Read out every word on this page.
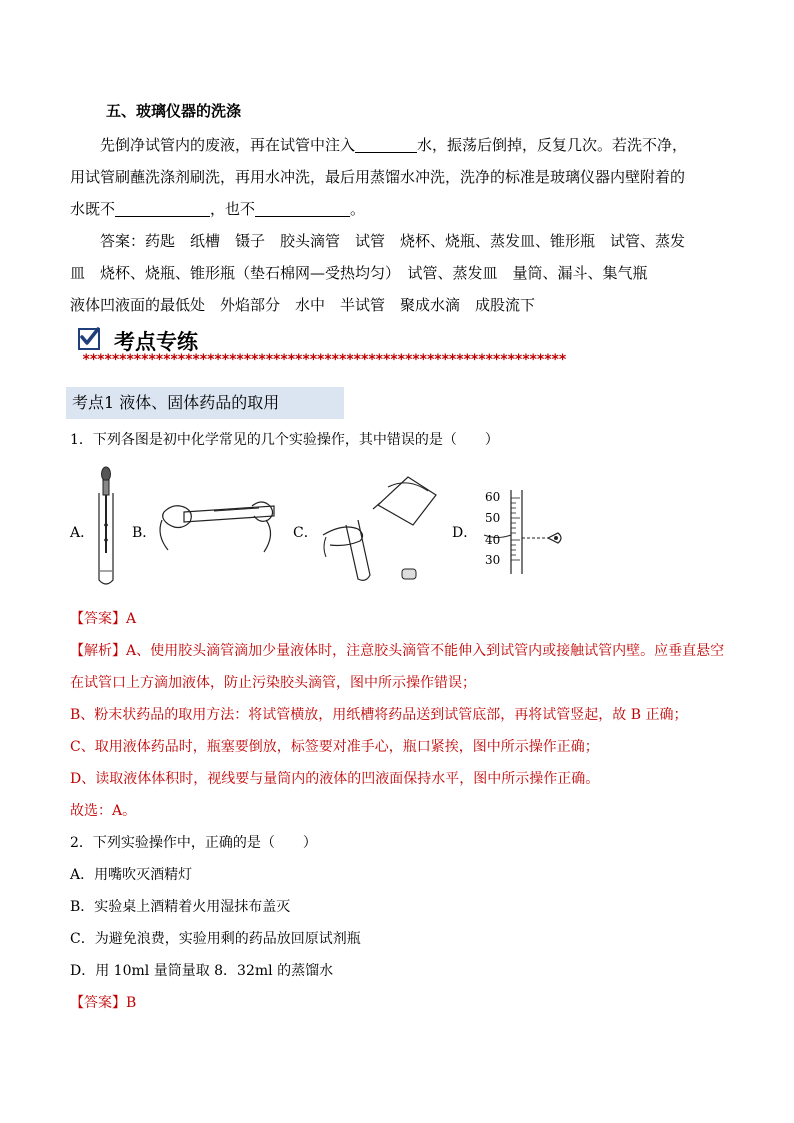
五、玻璃仪器的洗涤
先倒净试管内的废液，再在试管中注入	水，振荡后倒掉，反复几次。若洗不净，
用试管刷蘸洗涤剂刷洗，再用水冲洗，最后用蒸馏水冲洗，洗净的标准是玻璃仪器内壁附着的
水既不	，也不	。
答案：药匙　纸槽　镊子　胶头滴管　试管　烧杯、烧瓶、蒸发皿、锥形瓶　试管、蒸发
皿　烧杯、烧瓶、锥形瓶（垫石棉网—受热均匀）　试管、蒸发皿　量筒、漏斗、集气瓶
液体凹液面的最低处　外焰部分　水中　半试管　聚成水滴　成股流下
考点专练
******************************************************************
考点1 液体、固体药品的取用
1．下列各图是初中化学常见的几个实验操作，其中错误的是（　　）
A．	B．	C．	D．
60
50
40
30
【答案】A
【解析】A、使用胶头滴管滴加少量液体时，注意胶头滴管不能伸入到试管内或接触试管内壁。应垂直悬空
在试管口上方滴加液体，防止污染胶头滴管，图中所示操作错误；
B、粉末状药品的取用方法：将试管横放，用纸槽将药品送到试管底部，再将试管竖起，故 B 正确；
C、取用液体药品时，瓶塞要倒放，标签要对准手心，瓶口紧挨，图中所示操作正确；
D、读取液体体积时，视线要与量筒内的液体的凹液面保持水平，图中所示操作正确。
故选：A。
2．下列实验操作中，正确的是（　　）
A．用嘴吹灭酒精灯
B．实验桌上酒精着火用湿抹布盖灭
C．为避免浪费，实验用剩的药品放回原试剂瓶
D．用 10ml 量筒量取 8．32ml 的蒸馏水
【答案】B
